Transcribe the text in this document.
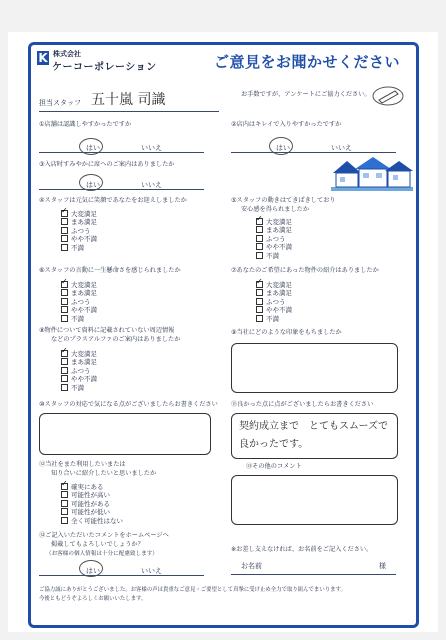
K 株式会社
ケーコーポレーション	ご意見をお聞かせください
担当スタッフ 五十嵐 司識	お手数ですが、アンケートにご協力ください。
①店舗は認識しやすかったですか
はい	いいえ
②店内はキレイで入りやすかったですか
はい	いいえ
③入店时すみやかに席へのご案内はありましたか
はい	いいえ
④スタッフは元気に笑顔であなたをお迎えしましたか
✓ 大変満足
まあ満足
ふつう
やや不満
不満
⑤スタッフの動きはてきぱきしており
安心感を得られましたか
✓ 大変満足
まあ満足
ふつう
やや不満
不満
⑥スタッフの言動に一生懸命さを感じられましたか
✓ 大変満足
まあ満足
ふつう
やや不満
不満
⑦あなたのご希望にあった物件の紹介はありましたか
✓ 大変満足
まあ満足
ふつう
やや不満
不満
⑧物件について資料に記載されていない周辺情報
などのプラスアルファのご案内はありましたか
✓ 大変満足
まあ満足
ふつう
やや不満
不満
⑨当社にどのような印象をもちましたか
⑩スタッフの対応で気になる点がございましたらお書きください ⑪良かった点に点がございましたらお書きください
契約成立まで　とてもスムーズで
良かったです。
⑫当社をまた利用したいまたは
知り合いに紹介したいと思いましたか
✓ 確実にある
可能性が高い
可能性がある
可能性が低い
全く可能性はない
⑬その他のコメント
⑭ご記入いただいたコメントをホームページへ
掲載してもよろしいでしょうか？
（お客様の個人情報は十分に配慮致します）
はい	いいえ
※お差し支えなければ、お名前をご記入ください。
お名前	様
ご協力誠にありがとうございました。お客様の声は貴重なご意見・ご要望として真摯に受け止め全力で取り組んでまいります。
今後ともどうぞよろしくお願いいたします。
